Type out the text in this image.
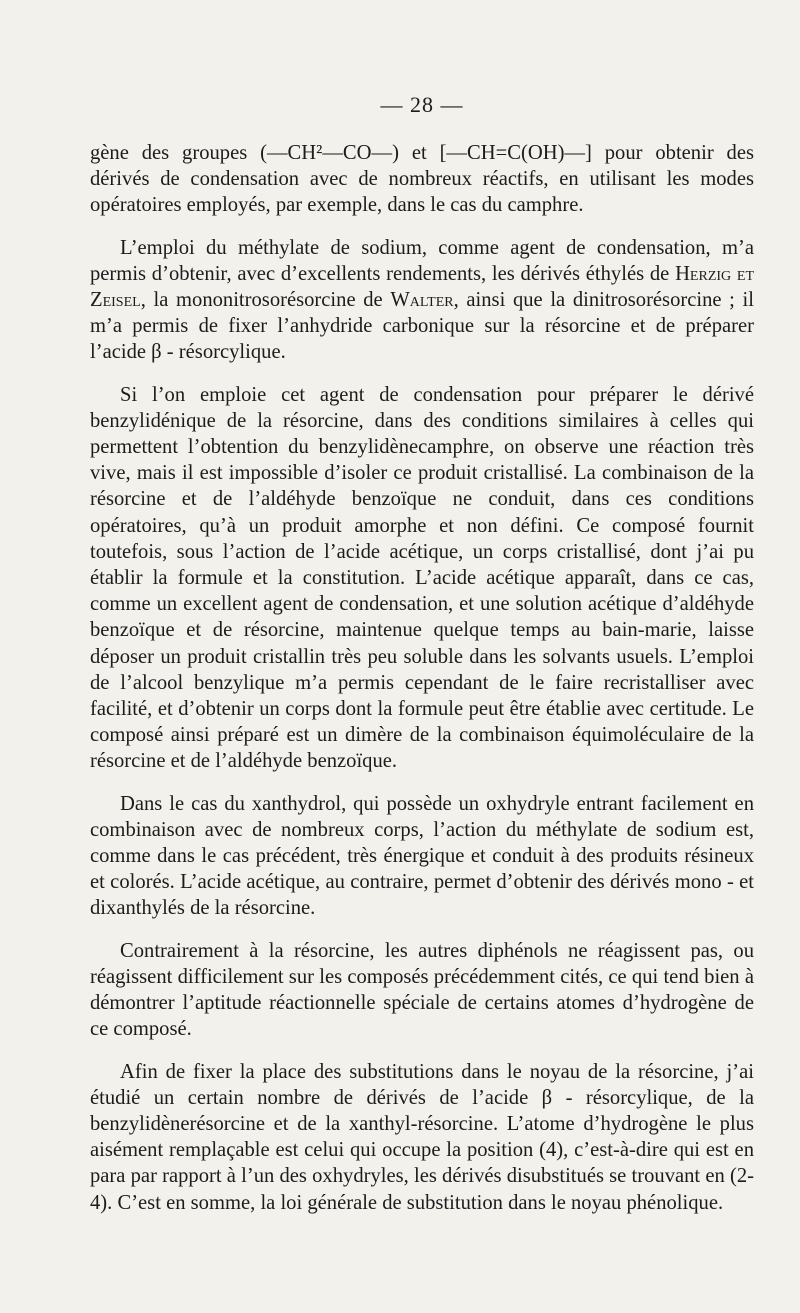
— 28 —

gène des groupes (—CH²—CO—) et [—CH=C(OH)—] pour obtenir des dérivés de condensation avec de nombreux réactifs, en utilisant les modes opératoires employés, par exemple, dans le cas du camphre.

L’emploi du méthylate de sodium, comme agent de condensation, m’a permis d’obtenir, avec d’excellents rendements, les dérivés éthylés de Herzig et Zeisel, la mononitrosorésorcine de Walter, ainsi que la dinitrosorésorcine ; il m’a permis de fixer l’anhydride carbonique sur la résorcine et de préparer l’acide β - résorcylique.

Si l’on emploie cet agent de condensation pour préparer le dérivé benzylidénique de la résorcine, dans des conditions similaires à celles qui permettent l’obtention du benzylidènecamphre, on observe une réaction très vive, mais il est impossible d’isoler ce produit cristallisé. La combinaison de la résorcine et de l’aldéhyde benzoïque ne conduit, dans ces conditions opératoires, qu’à un produit amorphe et non défini. Ce composé fournit toutefois, sous l’action de l’acide acétique, un corps cristallisé, dont j’ai pu établir la formule et la constitution. L’acide acétique apparaît, dans ce cas, comme un excellent agent de condensation, et une solution acétique d’aldéhyde benzoïque et de résorcine, maintenue quelque temps au bain-marie, laisse déposer un produit cristallin très peu soluble dans les solvants usuels. L’emploi de l’alcool benzylique m’a permis cependant de le faire recristalliser avec facilité, et d’obtenir un corps dont la formule peut être établie avec certitude. Le composé ainsi préparé est un dimère de la combinaison équimoléculaire de la résorcine et de l’aldéhyde benzoïque.

Dans le cas du xanthydrol, qui possède un oxhydryle entrant facilement en combinaison avec de nombreux corps, l’action du méthylate de sodium est, comme dans le cas précédent, très énergique et conduit à des produits résineux et colorés. L’acide acétique, au contraire, permet d’obtenir des dérivés mono - et dixanthylés de la résorcine.

Contrairement à la résorcine, les autres diphénols ne réagissent pas, ou réagissent difficilement sur les composés précédemment cités, ce qui tend bien à démontrer l’aptitude réactionnelle spéciale de certains atomes d’hydrogène de ce composé.

Afin de fixer la place des substitutions dans le noyau de la résorcine, j’ai étudié un certain nombre de dérivés de l’acide β - résorcylique, de la benzylidènerésorcine et de la xanthyl-résorcine. L’atome d’hydrogène le plus aisément remplaçable est celui qui occupe la position (4), c’est-à-dire qui est en para par rapport à l’un des oxhydryles, les dérivés disubstitués se trouvant en (2-4). C’est en somme, la loi générale de substitution dans le noyau phénolique.
